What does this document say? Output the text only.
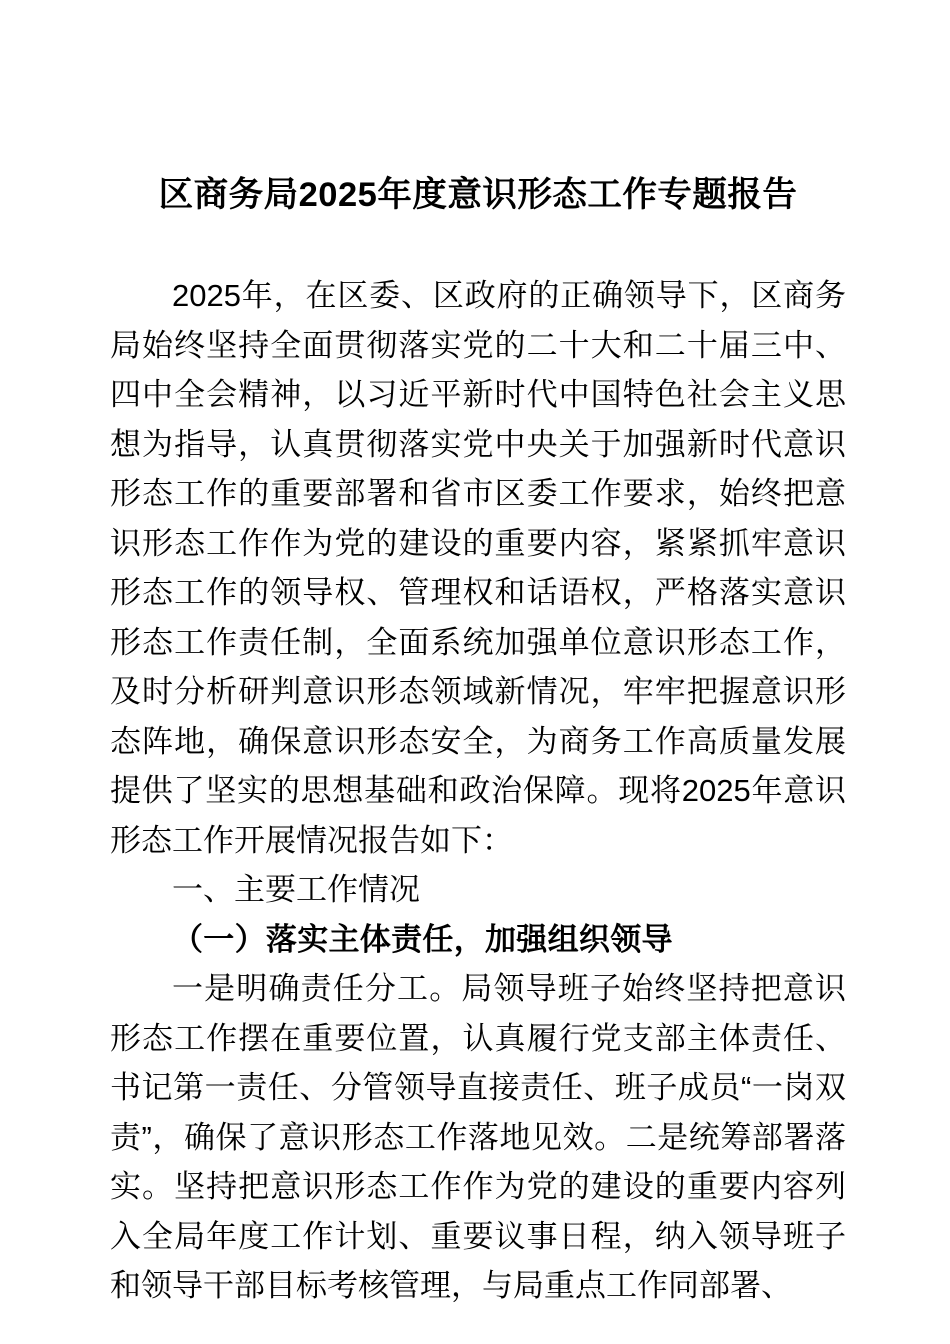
区商务局2025年度意识形态工作专题报告

2025年，在区委、区政府的正确领导下，区商务局始终坚持全面贯彻落实党的二十大和二十届三中、四中全会精神，以习近平新时代中国特色社会主义思想为指导，认真贯彻落实党中央关于加强新时代意识形态工作的重要部署和省市区委工作要求，始终把意识形态工作作为党的建设的重要内容，紧紧抓牢意识形态工作的领导权、管理权和话语权，严格落实意识形态工作责任制，全面系统加强单位意识形态工作，及时分析研判意识形态领域新情况，牢牢把握意识形态阵地，确保意识形态安全，为商务工作高质量发展提供了坚实的思想基础和政治保障。现将2025年意识形态工作开展情况报告如下：

一、主要工作情况

（一）落实主体责任，加强组织领导

一是明确责任分工。局领导班子始终坚持把意识形态工作摆在重要位置，认真履行党支部主体责任、书记第一责任、分管领导直接责任、班子成员“一岗双责”，确保了意识形态工作落地见效。二是统筹部署落实。坚持把意识形态工作作为党的建设的重要内容列入全局年度工作计划、重要议事日程，纳入领导班子和领导干部目标考核管理，与局重点工作同部署、
